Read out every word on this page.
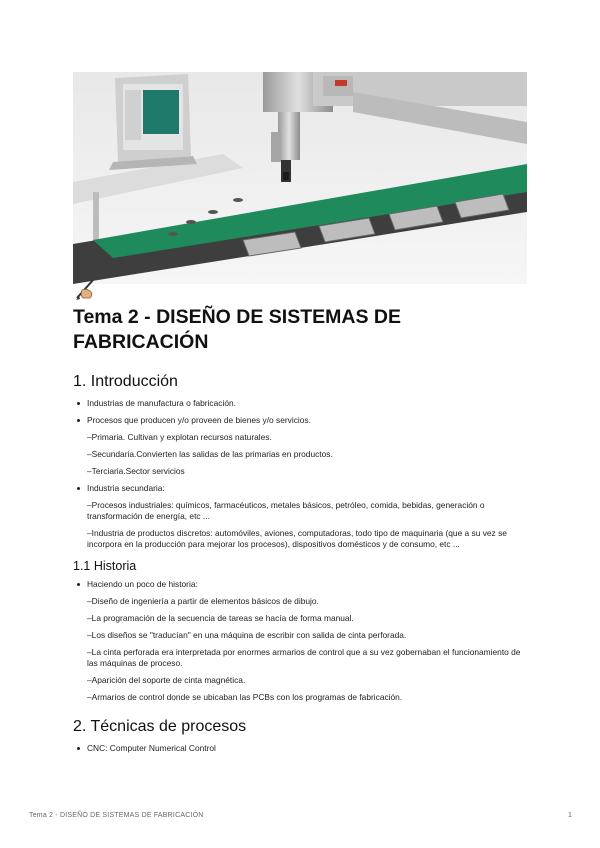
Tema 2 - DISEÑO DE SISTEMAS DE FABRICACIÓN
1. Introducción
Industrias de manufactura o fabricación.
Procesos que producen y/o proveen de bienes y/o servicios.
–Primaria. Cultivan y explotan recursos naturales.
–Secundaria.Convierten las salidas de las primarias en productos.
–Terciaria.Sector servicios
Industria secundaria:
–Procesos industriales: químicos, farmacéuticos, metales básicos, petróleo, comida, bebidas, generación o transformación de energía, etc ...
–Industria de productos discretos: automóviles, aviones, computadoras, todo tipo de maquinaria (que a su vez se incorpora en la producción para mejorar los procesos), dispositivos domésticos y de consumo, etc ...
1.1 Historia
Haciendo un poco de historia:
–Diseño de ingeniería a partir de elementos básicos de dibujo.
–La programación de la secuencia de tareas se hacía de forma manual.
–Los diseños se "traducían" en una máquina de escribir con salida de cinta perforada.
–La cinta perforada era interpretada por enormes armarios de control que a su vez gobernaban el funcionamiento de las máquinas de proceso.
–Aparición del soporte de cinta magnética.
–Armarios de control donde se ubicaban las PCBs con los programas de fabricación.
2. Técnicas de procesos
CNC: Computer Numerical Control
Tema 2 - DISEÑO DE SISTEMAS DE FABRICACIÓN	1
